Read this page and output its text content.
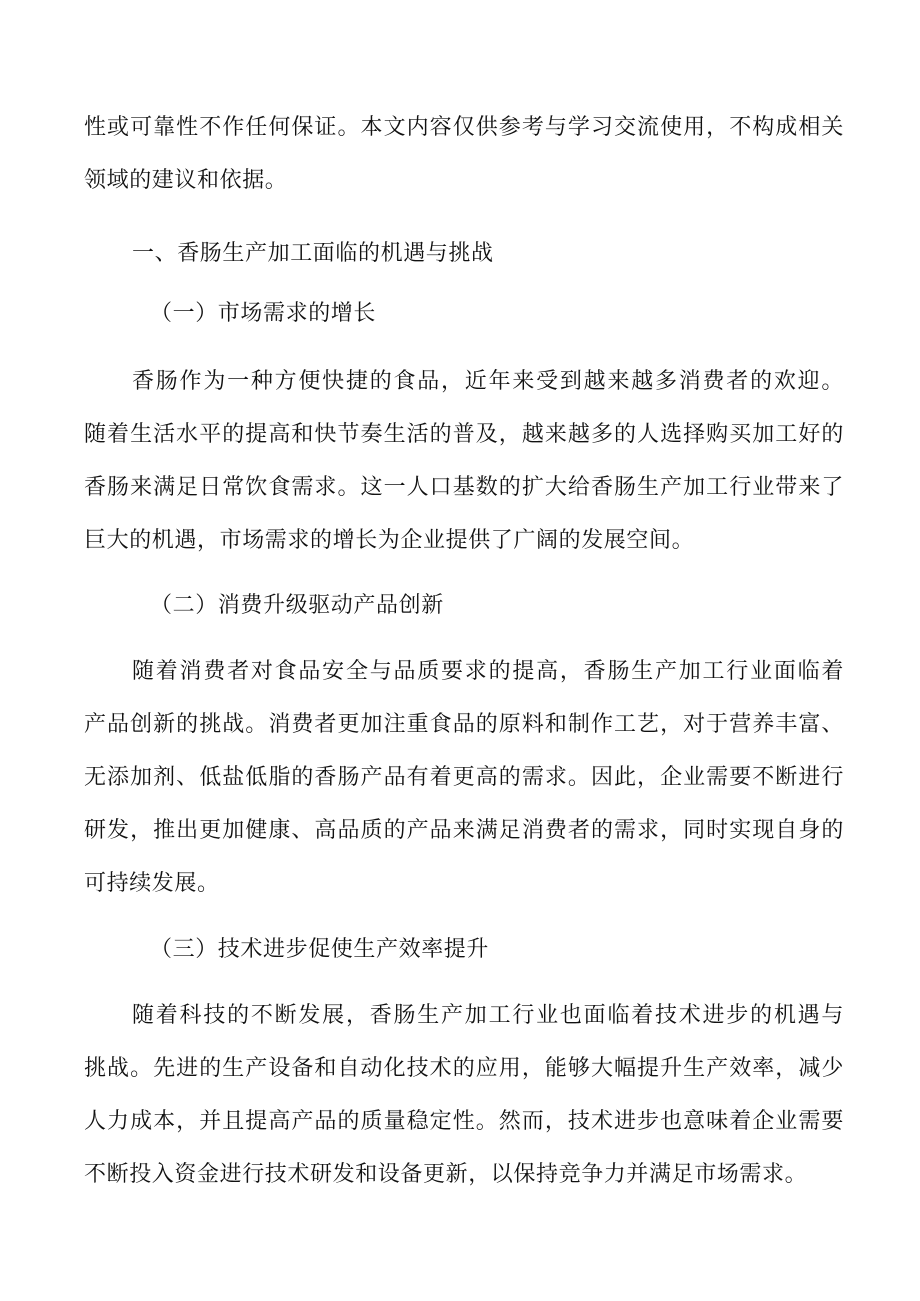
性或可靠性不作任何保证。本文内容仅供参考与学习交流使用，不构成相关
领域的建议和依据。
一、香肠生产加工面临的机遇与挑战
（一）市场需求的增长
香肠作为一种方便快捷的食品，近年来受到越来越多消费者的欢迎。
随着生活水平的提高和快节奏生活的普及，越来越多的人选择购买加工好的
香肠来满足日常饮食需求。这一人口基数的扩大给香肠生产加工行业带来了
巨大的机遇，市场需求的增长为企业提供了广阔的发展空间。
（二）消费升级驱动产品创新
随着消费者对食品安全与品质要求的提高，香肠生产加工行业面临着
产品创新的挑战。消费者更加注重食品的原料和制作工艺，对于营养丰富、
无添加剂、低盐低脂的香肠产品有着更高的需求。因此，企业需要不断进行
研发，推出更加健康、高品质的产品来满足消费者的需求，同时实现自身的
可持续发展。
（三）技术进步促使生产效率提升
随着科技的不断发展，香肠生产加工行业也面临着技术进步的机遇与
挑战。先进的生产设备和自动化技术的应用，能够大幅提升生产效率，减少
人力成本，并且提高产品的质量稳定性。然而，技术进步也意味着企业需要
不断投入资金进行技术研发和设备更新，以保持竞争力并满足市场需求。
